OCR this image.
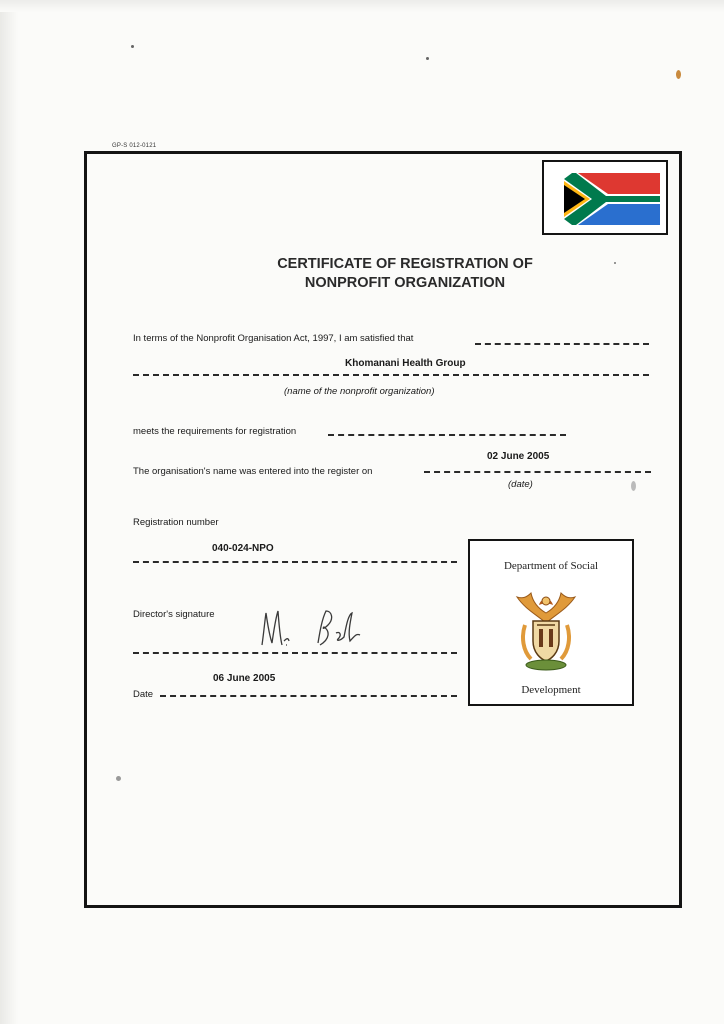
GP-S 012-0121
CERTIFICATE OF REGISTRATION OF
NONPROFIT ORGANIZATION
In terms of the Nonprofit Organisation Act, 1997, I am satisfied that
Khomanani Health Group
(name of the nonprofit organization)
meets the requirements for registration
02 June 2005
The organisation's name was entered into the register on
(date)
Registration number
040-024-NPO
Director's signature
06 June 2005
Date
Department of Social
Development
